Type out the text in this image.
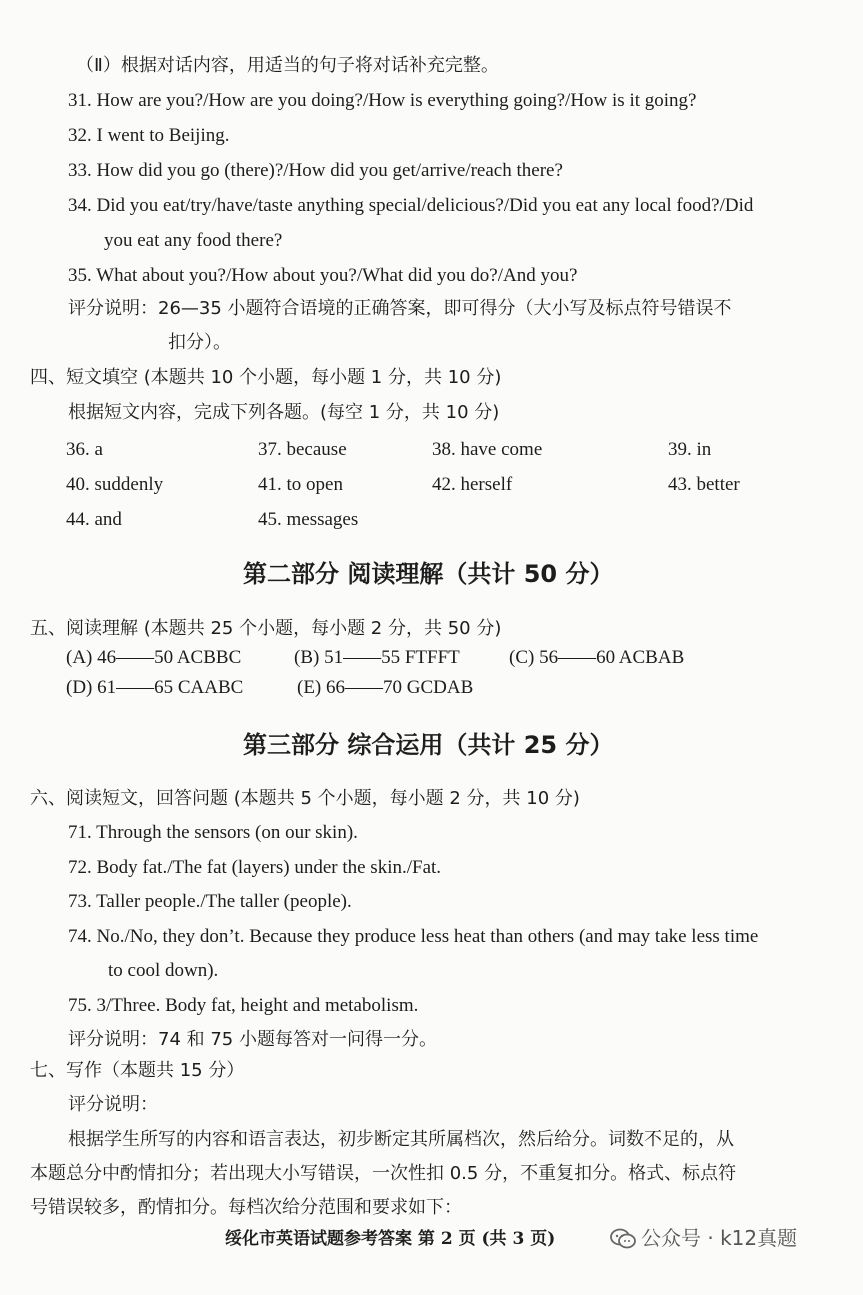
（Ⅱ）根据对话内容，用适当的句子将对话补充完整。
31. How are you?/How are you doing?/How is everything going?/How is it going?
32. I went to Beijing.
33. How did you go (there)?/How did you get/arrive/reach there?
34. Did you eat/try/have/taste anything special/delicious?/Did you eat any local food?/Did
you eat any food there?
35. What about you?/How about you?/What did you do?/And you?
评分说明：26—35 小题符合语境的正确答案，即可得分（大小写及标点符号错误不
扣分）。
四、短文填空 (本题共 10 个小题，每小题 1 分，共 10 分)
根据短文内容，完成下列各题。(每空 1 分，共 10 分)
36. a	37. because	38. have come	39. in
40. suddenly	41. to open	42. herself	43. better
44. and	45. messages
第二部分 阅读理解（共计 50 分）
五、阅读理解 (本题共 25 个小题，每小题 2 分，共 50 分)
(A) 46——50 ACBBC	(B) 51——55 FTFFT	(C) 56——60 ACBAB
(D) 61——65 CAABC	(E) 66——70 GCDAB
第三部分 综合运用（共计 25 分）
六、阅读短文，回答问题 (本题共 5 个小题，每小题 2 分，共 10 分)
71. Through the sensors (on our skin).
72. Body fat./The fat (layers) under the skin./Fat.
73. Taller people./The taller (people).
74. No./No, they don’t. Because they produce less heat than others (and may take less time
to cool down).
75. 3/Three. Body fat, height and metabolism.
评分说明：74 和 75 小题每答对一问得一分。
七、写作（本题共 15 分）
评分说明：
根据学生所写的内容和语言表达，初步断定其所属档次，然后给分。词数不足的，从
本题总分中酌情扣分；若出现大小写错误，一次性扣 0.5 分，不重复扣分。格式、标点符
号错误较多，酌情扣分。每档次给分范围和要求如下：
绥化市英语试题参考答案 第 2 页 (共 3 页)	公众号 · k12真题
